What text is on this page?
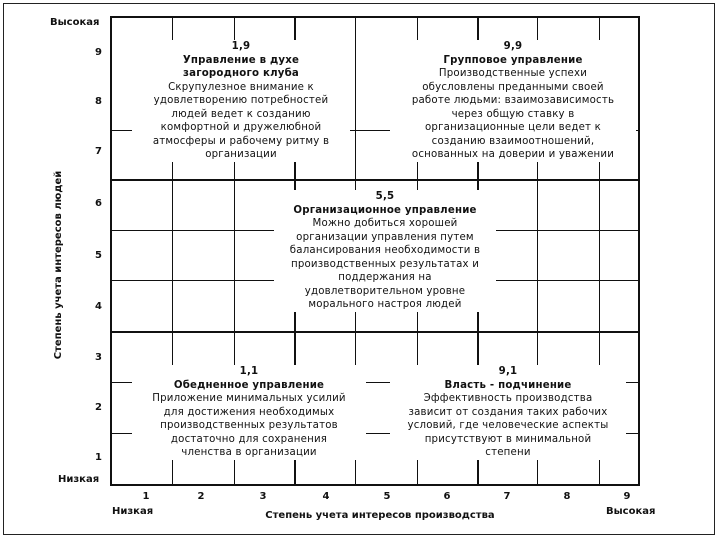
Высокая
Низкая
Степень учета интересов людей
9
8
7
6
5
4
3
2
1
1,9
Управление в духе
загородного клуба
Скрупулезное внимание к
удовлетворению потребностей
людей ведет к созданию
комфортной и дружелюбной
атмосферы и рабочему ритму в
организации
9,9
Групповое управление
Производственные успехи
обусловлены преданными своей
работе людьми: взаимозависимость
через общую ставку в
организационные цели ведет к
созданию взаимоотношений,
основанных на доверии и уважении
5,5
Организационное управление
Можно добиться хорошей
организации управления путем
балансирования необходимости в
производственных результатах и
поддержания на
удовлетворительном уровне
морального настроя людей
1,1
Обедненное управление
Приложение минимальных усилий
для достижения необходимых
производственных результатов
достаточно для сохранения
членства в организации
9,1
Власть - подчинение
Эффективность производства
зависит от создания таких рабочих
условий, где человеческие аспекты
присутствуют в минимальной
степени
1	2	3	4	5	6	7	8	9
Низкая	Степень учета интересов производства	Высокая
